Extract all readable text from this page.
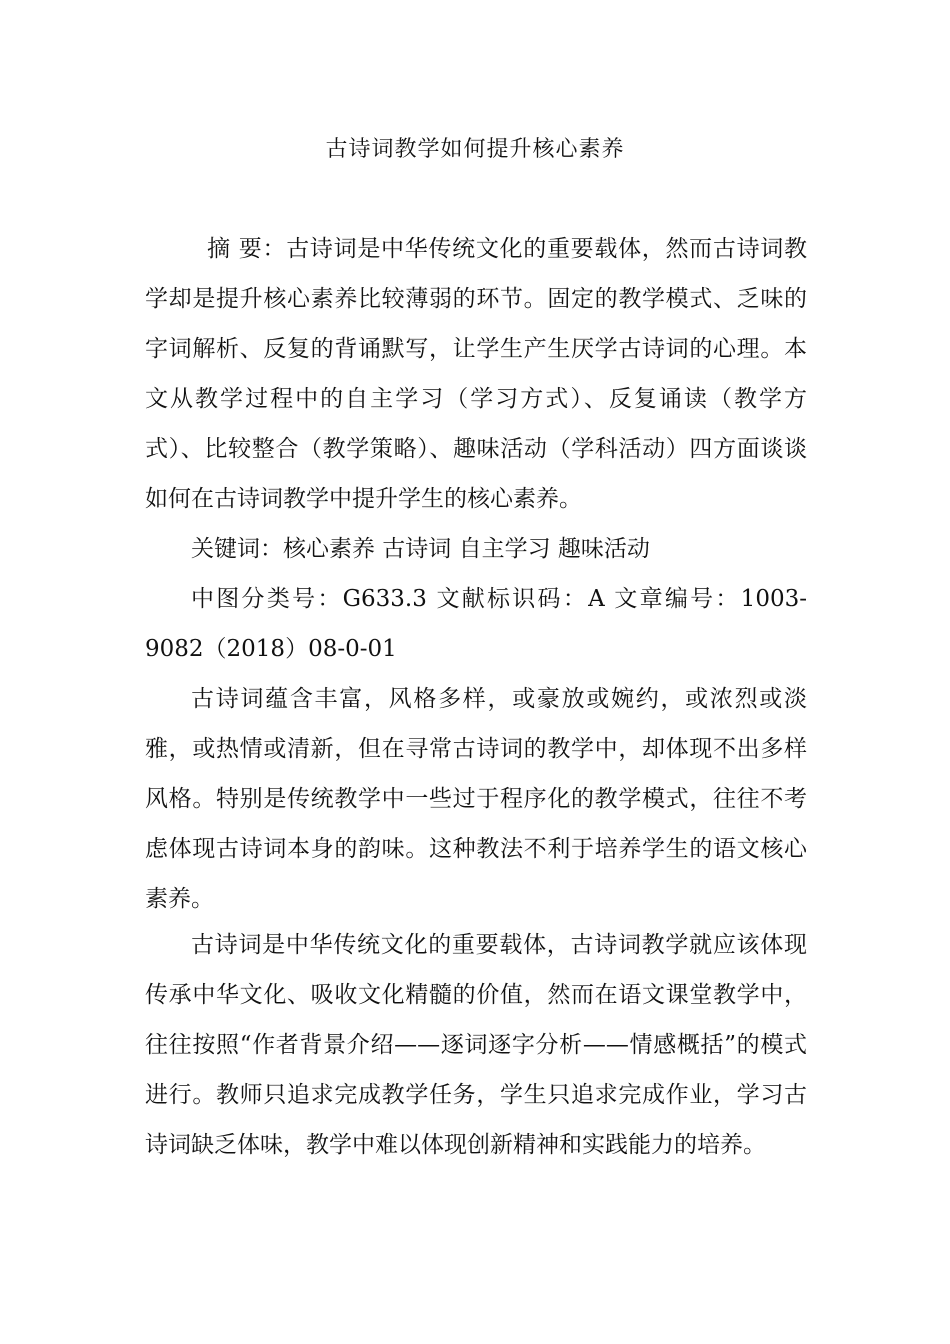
古诗词教学如何提升核心素养

摘 要：古诗词是中华传统文化的重要载体，然而古诗词教学却是提升核心素养比较薄弱的环节。固定的教学模式、乏味的字词解析、反复的背诵默写，让学生产生厌学古诗词的心理。本文从教学过程中的自主学习（学习方式）、反复诵读（教学方式）、比较整合（教学策略）、趣味活动（学科活动）四方面谈谈如何在古诗词教学中提升学生的核心素养。

关键词：核心素养 古诗词 自主学习 趣味活动

中图分类号：G633.3 文献标识码：A 文章编号：1003-9082（2018）08-0-01

古诗词蕴含丰富，风格多样，或豪放或婉约，或浓烈或淡雅，或热情或清新，但在寻常古诗词的教学中，却体现不出多样风格。特别是传统教学中一些过于程序化的教学模式，往往不考虑体现古诗词本身的韵味。这种教法不利于培养学生的语文核心素养。

古诗词是中华传统文化的重要载体，古诗词教学就应该体现传承中华文化、吸收文化精髓的价值，然而在语文课堂教学中，往往按照“作者背景介绍——逐词逐字分析——情感概括”的模式进行。教师只追求完成教学任务，学生只追求完成作业，学习古诗词缺乏体味，教学中难以体现创新精神和实践能力的培养。
